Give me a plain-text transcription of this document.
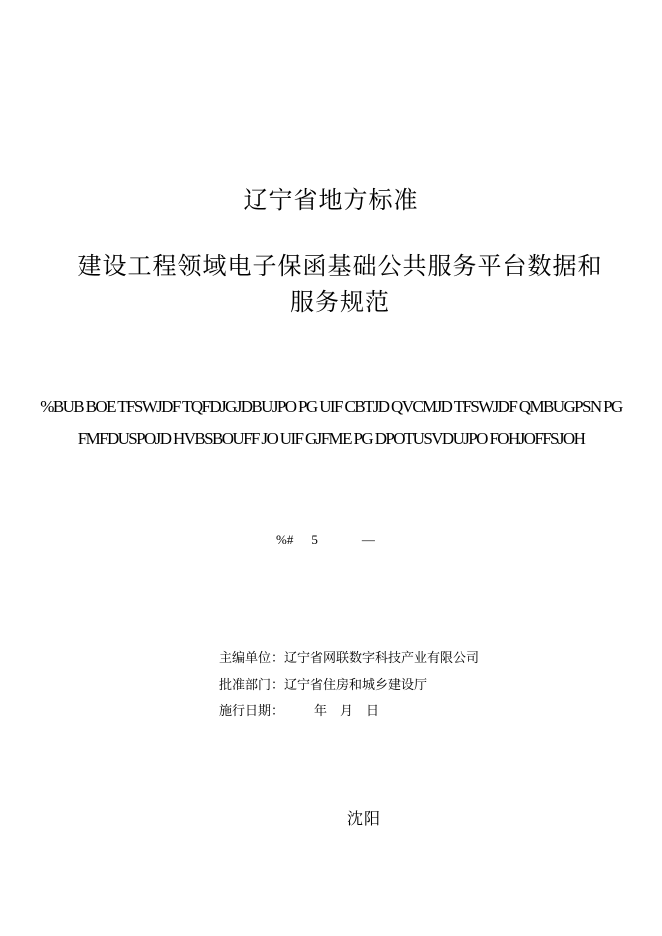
辽宁省地方标准

建设工程领域电子保函基础公共服务平台数据和服务规范

%BUB BOE TFSWJDF TQFDJGJDBUJPO PG UIF CBTJD QVCMJD TFSWJDF QMBUGPSN PG

FMFDUSPOJD HVBSBOUFF JO UIF GJFME PG DPOTUSVDUJPO FOHJOFFSJOH

%# 5	—

主编单位：辽宁省网联数字科技产业有限公司

批准部门：辽宁省住房和城乡建设厅

施行日期： 年　月　日

沈阳
